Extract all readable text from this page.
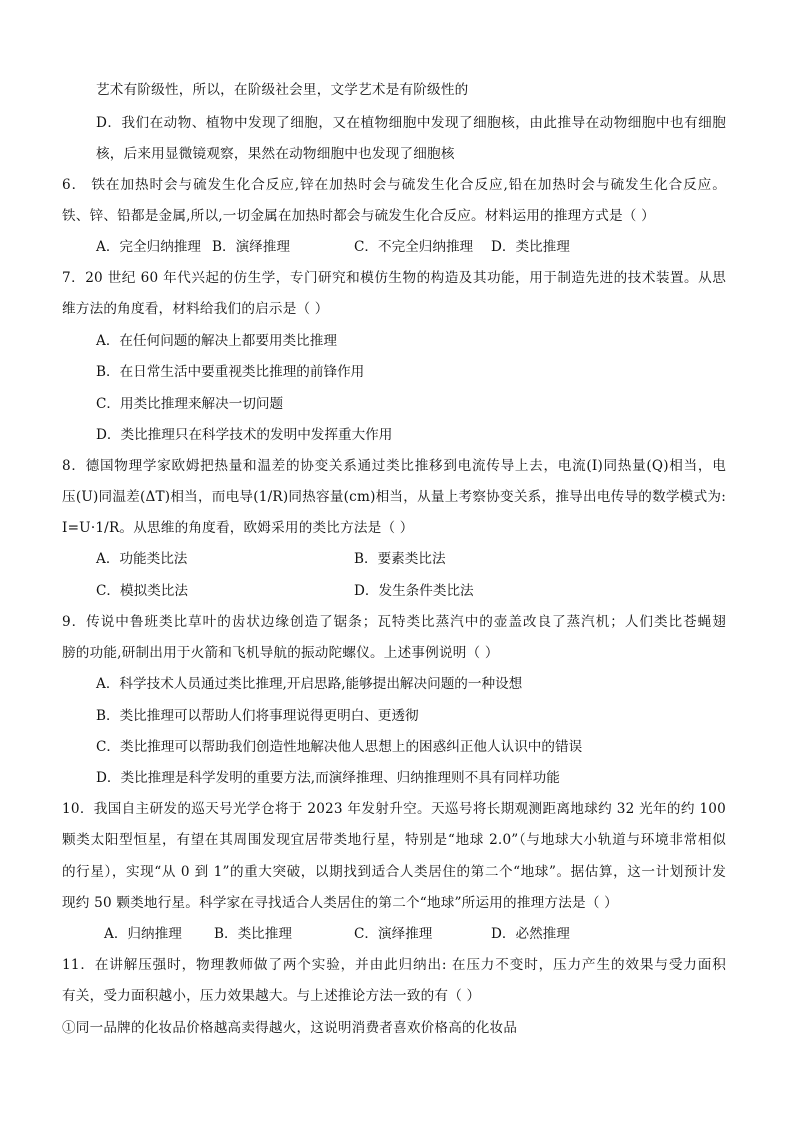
艺术有阶级性，所以，在阶级社会里，文学艺术是有阶级性的
D．我们在动物、植物中发现了细胞，又在植物细胞中发现了细胞核，由此推导在动物细胞中也有细胞
核，后来用显微镜观察，果然在动物细胞中也发现了细胞核
6． 铁在加热时会与硫发生化合反应,锌在加热时会与硫发生化合反应,铅在加热时会与硫发生化合反应。
铁、锌、铅都是金属,所以,一切金属在加热时都会与硫发生化合反应。材料运用的推理方式是（ ）
A．完全归纳推理 B．演绎推理	C．不完全归纳推理 D．类比推理
7．20 世纪 60 年代兴起的仿生学，专门研究和模仿生物的构造及其功能，用于制造先进的技术装置。从思
维方法的角度看，材料给我们的启示是（ ）
A．在任何问题的解决上都要用类比推理
B．在日常生活中要重视类比推理的前锋作用
C．用类比推理来解决一切问题
D．类比推理只在科学技术的发明中发挥重大作用
8．德国物理学家欧姆把热量和温差的协变关系通过类比推移到电流传导上去，电流(I)同热量(Q)相当，电
压(U)同温差(ΔT)相当，而电导(1/R)同热容量(cm)相当，从量上考察协变关系，推导出电传导的数学模式为:
I=U·1/R。从思维的角度看，欧姆采用的类比方法是（ ）
A．功能类比法	B．要素类比法
C．模拟类比法	D．发生条件类比法
9．传说中鲁班类比草叶的齿状边缘创造了锯条；瓦特类比蒸汽中的壶盖改良了蒸汽机；人们类比苍蝇翅
膀的功能,研制出用于火箭和飞机导航的振动陀螺仪。上述事例说明（ ）
A．科学技术人员通过类比推理,开启思路,能够提出解决问题的一种设想
B．类比推理可以帮助人们将事理说得更明白、更透彻
C．类比推理可以帮助我们创造性地解决他人思想上的困惑纠正他人认识中的错误
D．类比推理是科学发明的重要方法,而演绎推理、归纳推理则不具有同样功能
10．我国自主研发的巡天号光学仓将于 2023 年发射升空。天巡号将长期观测距离地球约 32 光年的约 100
颗类太阳型恒星，有望在其周围发现宜居带类地行星，特别是“地球 2.0”（与地球大小轨道与环境非常相似
的行星），实现“从 0 到 1”的重大突破，以期找到适合人类居住的第二个“地球”。据估算，这一计划预计发
现约 50 颗类地行星。科学家在寻找适合人类居住的第二个“地球”所运用的推理方法是（ ）
A．归纳推理 B．类比推理	C．演绎推理	D．必然推理
11．在讲解压强时，物理教师做了两个实验，并由此归纳出: 在压力不变时，压力产生的效果与受力面积
有关，受力面积越小，压力效果越大。与上述推论方法一致的有（ ）
①同一品牌的化妆品价格越高卖得越火，这说明消费者喜欢价格高的化妆品
